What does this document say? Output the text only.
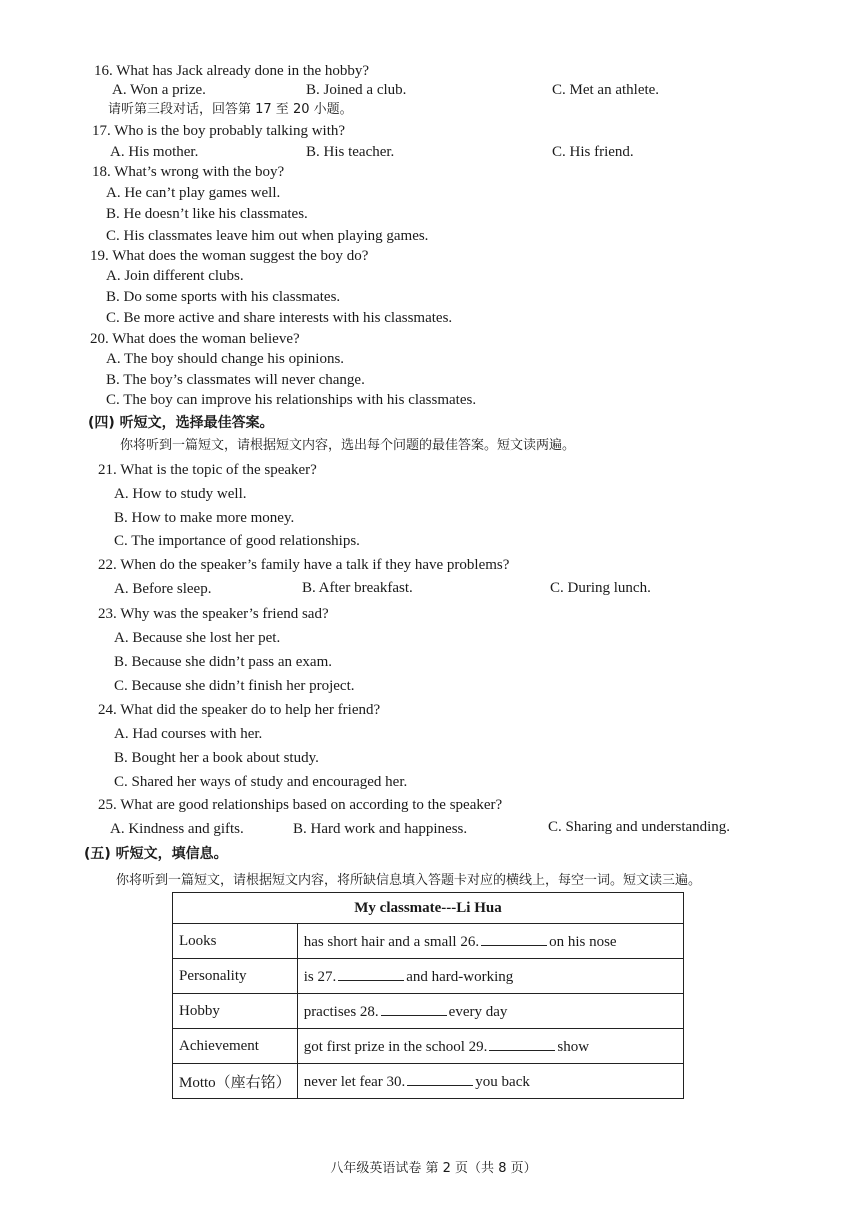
16. What has Jack already done in the hobby?
A. Won a prize.	B. Joined a club.	C. Met an athlete.
请听第三段对话，回答第 17 至 20 小题。
17. Who is the boy probably talking with?
A. His mother.	B. His teacher.	C. His friend.
18. What’s wrong with the boy?
A. He can’t play games well.
B. He doesn’t like his classmates.
C. His classmates leave him out when playing games.
19. What does the woman suggest the boy do?
A. Join different clubs.
B. Do some sports with his classmates.
C. Be more active and share interests with his classmates.
20. What does the woman believe?
A. The boy should change his opinions.
B. The boy’s classmates will never change.
C. The boy can improve his relationships with his classmates.
(四) 听短文，选择最佳答案。
你将听到一篇短文，请根据短文内容，选出每个问题的最佳答案。短文读两遍。
21. What is the topic of the speaker?
A. How to study well.
B. How to make more money.
C. The importance of good relationships.
22. When do the speaker’s family have a talk if they have problems?
A. Before sleep.	B. After breakfast.	C. During lunch.
23. Why was the speaker’s friend sad?
A. Because she lost her pet.
B. Because she didn’t pass an exam.
C. Because she didn’t finish her project.
24. What did the speaker do to help her friend?
A. Had courses with her.
B. Bought her a book about study.
C. Shared her ways of study and encouraged her.
25. What are good relationships based on according to the speaker?
A. Kindness and gifts.	B. Hard work and happiness.	C. Sharing and understanding.
(五) 听短文，填信息。
你将听到一篇短文，请根据短文内容，将所缺信息填入答题卡对应的横线上，每空一词。短文读三遍。
My classmate---Li Hua	
Looks	has short hair and a small 26. on his nose
Personality	is 27. and hard-working
Hobby	practises 28. every day
Achievement	got first prize in the school 29. show
Motto（座右铭）	never let fear 30. you back
八年级英语试卷 第 2 页（共 8 页）
